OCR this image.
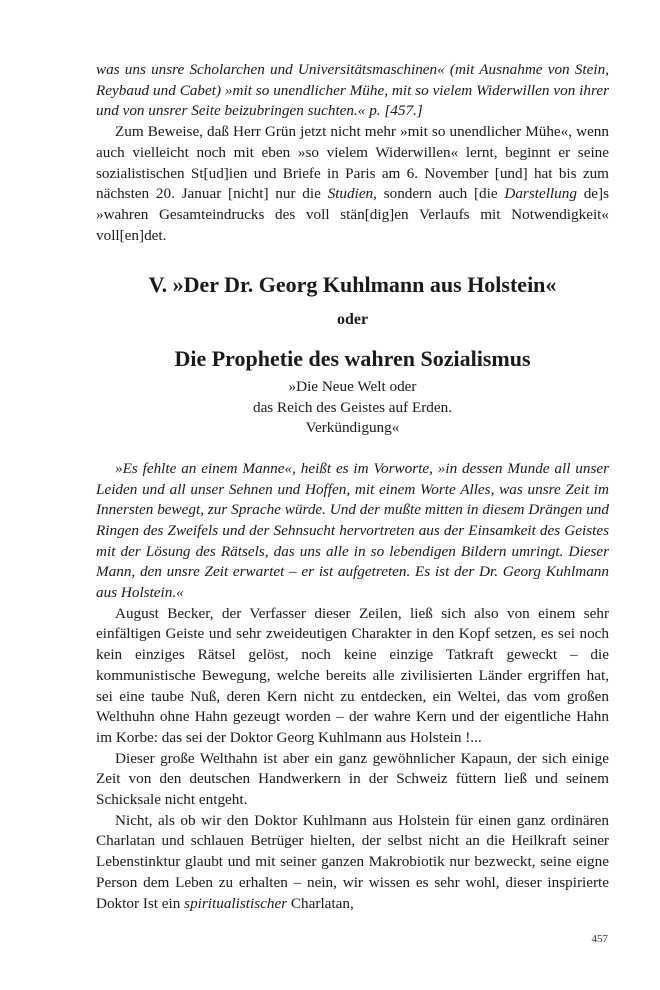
was uns unsre Scholarchen und Universitätsmaschinen« (mit Ausnahme von Stein, Reybaud und Cabet) »mit so unendlicher Mühe, mit so vielem Widerwillen von ihrer und von unsrer Seite beizubringen suchten.« p. [457.]

Zum Beweise, daß Herr Grün jetzt nicht mehr »mit so unendlicher Mühe«, wenn auch vielleicht noch mit eben »so vielem Widerwillen« lernt, beginnt er seine sozialistischen St[ud]ien und Briefe in Paris am 6. November [und] hat bis zum nächsten 20. Januar [nicht] nur die Studien, sondern auch [die Darstellung de]s »wahren Gesamteindrucks des voll stän[dig]en Verlaufs mit Notwendigkeit« voll[en]det.

V. »Der Dr. Georg Kuhlmann aus Holstein«
oder
Die Prophetie des wahren Sozialismus
»Die Neue Welt oder
das Reich des Geistes auf Erden.
Verkündigung«

»Es fehlte an einem Manne«, heißt es im Vorworte, »in dessen Munde all unser Leiden und all unser Sehnen und Hoffen, mit einem Worte Alles, was unsre Zeit im Innersten bewegt, zur Sprache würde. Und der mußte mitten in diesem Drängen und Ringen des Zweifels und der Sehnsucht hervortreten aus der Einsamkeit des Geistes mit der Lösung des Rätsels, das uns alle in so lebendigen Bildern umringt. Dieser Mann, den unsre Zeit erwartet – er ist aufgetreten. Es ist der Dr. Georg Kuhlmann aus Holstein.«

August Becker, der Verfasser dieser Zeilen, ließ sich also von einem sehr einfältigen Geiste und sehr zweideutigen Charakter in den Kopf setzen, es sei noch kein einziges Rätsel gelöst, noch keine einzige Tatkraft geweckt – die kommunistische Bewegung, welche bereits alle zivilisierten Länder ergriffen hat, sei eine taube Nuß, deren Kern nicht zu entdecken, ein Weltei, das vom großen Welthuhn ohne Hahn gezeugt worden – der wahre Kern und der eigentliche Hahn im Korbe: das sei der Doktor Georg Kuhlmann aus Holstein !...

Dieser große Welthahn ist aber ein ganz gewöhnlicher Kapaun, der sich einige Zeit von den deutschen Handwerkern in der Schweiz füttern ließ und seinem Schicksale nicht entgeht.

Nicht, als ob wir den Doktor Kuhlmann aus Holstein für einen ganz ordinären Charlatan und schlauen Betrüger hielten, der selbst nicht an die Heilkraft seiner Lebenstinktur glaubt und mit seiner ganzen Makrobiotik nur bezweckt, seine eigne Person dem Leben zu erhalten – nein, wir wissen es sehr wohl, dieser inspirierte Doktor Ist ein spiritualistischer Charlatan,

457
